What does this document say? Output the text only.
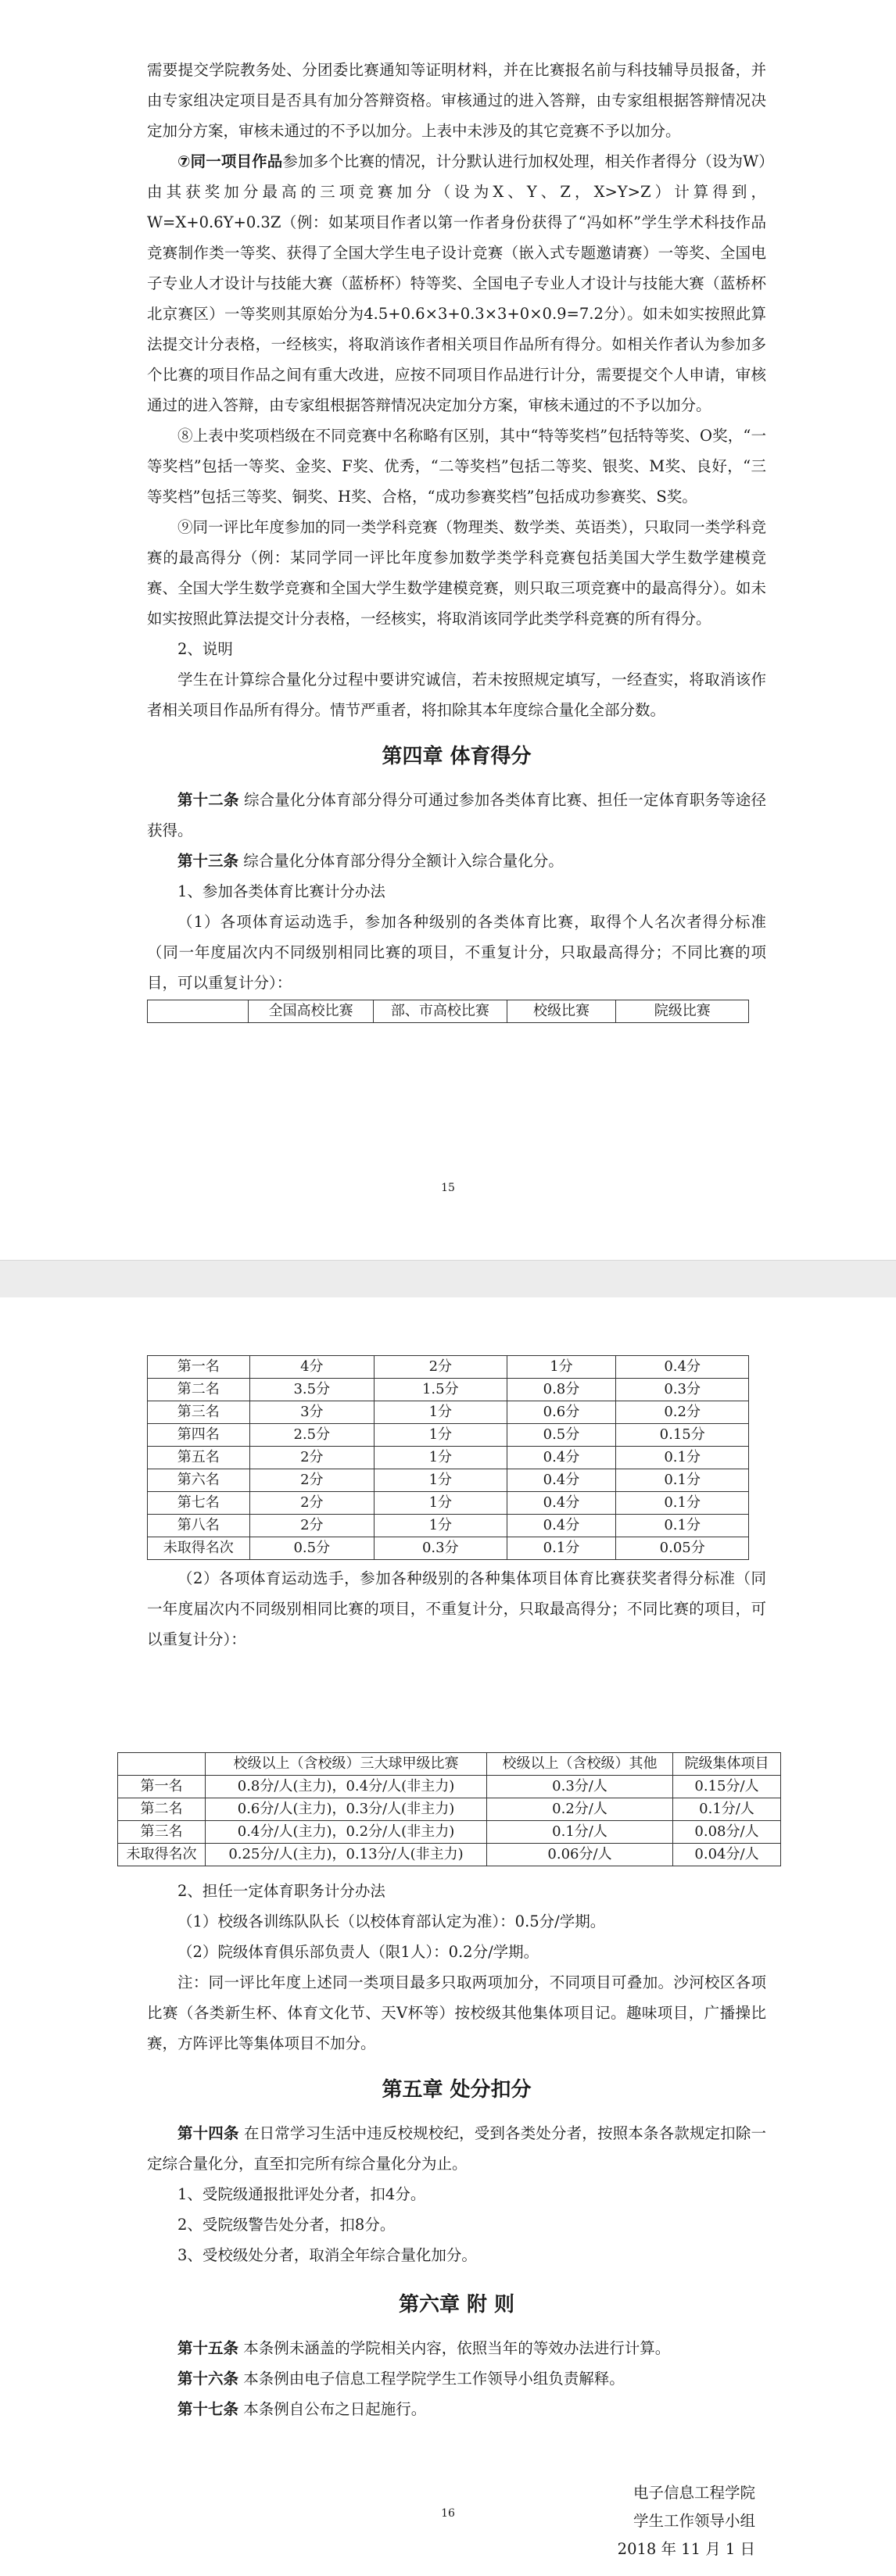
需要提交学院教务处、分团委比赛通知等证明材料，并在比赛报名前与科技辅导员报备，并由专家组决定项目是否具有加分答辩资格。审核通过的进入答辩，由专家组根据答辩情况决定加分方案，审核未通过的不予以加分。上表中未涉及的其它竞赛不予以加分。

⑦同一项目作品参加多个比赛的情况，计分默认进行加权处理，相关作者得分（设为W）由其获奖加分最高的三项竞赛加分（设为X、Y、Z，X>Y>Z）计算得到，W=X+0.6Y+0.3Z（例：如某项目作者以第一作者身份获得了“冯如杯”学生学术科技作品竞赛制作类一等奖、获得了全国大学生电子设计竞赛（嵌入式专题邀请赛）一等奖、全国电子专业人才设计与技能大赛（蓝桥杯）特等奖、全国电子专业人才设计与技能大赛（蓝桥杯北京赛区）一等奖则其原始分为4.5+0.6×3+0.3×3+0×0.9=7.2分）。如未如实按照此算法提交计分表格，一经核实，将取消该作者相关项目作品所有得分。如相关作者认为参加多个比赛的项目作品之间有重大改进，应按不同项目作品进行计分，需要提交个人申请，审核通过的进入答辩，由专家组根据答辩情况决定加分方案，审核未通过的不予以加分。

⑧上表中奖项档级在不同竞赛中名称略有区别，其中“特等奖档”包括特等奖、O奖，“一等奖档”包括一等奖、金奖、F奖、优秀，“二等奖档”包括二等奖、银奖、M奖、良好，“三等奖档”包括三等奖、铜奖、H奖、合格，“成功参赛奖档”包括成功参赛奖、S奖。

⑨同一评比年度参加的同一类学科竞赛（物理类、数学类、英语类），只取同一类学科竞赛的最高得分（例：某同学同一评比年度参加数学类学科竞赛包括美国大学生数学建模竞赛、全国大学生数学竞赛和全国大学生数学建模竞赛，则只取三项竞赛中的最高得分）。如未如实按照此算法提交计分表格，一经核实，将取消该同学此类学科竞赛的所有得分。

2、说明

学生在计算综合量化分过程中要讲究诚信，若未按照规定填写，一经查实，将取消该作者相关项目作品所有得分。情节严重者，将扣除其本年度综合量化全部分数。

第四章 体育得分

第十二条 综合量化分体育部分得分可通过参加各类体育比赛、担任一定体育职务等途径获得。

第十三条 综合量化分体育部分得分全额计入综合量化分。

1、参加各类体育比赛计分办法

（1）各项体育运动选手，参加各种级别的各类体育比赛，取得个人名次者得分标准（同一年度届次内不同级别相同比赛的项目，不重复计分，只取最高得分；不同比赛的项目，可以重复计分）：

	全国高校比赛	部、市高校比赛	校级比赛	院级比赛
15
第一名	4分	2分	1分	0.4分
第二名	3.5分	1.5分	0.8分	0.3分
第三名	3分	1分	0.6分	0.2分
第四名	2.5分	1分	0.5分	0.15分
第五名	2分	1分	0.4分	0.1分
第六名	2分	1分	0.4分	0.1分
第七名	2分	1分	0.4分	0.1分
第八名	2分	1分	0.4分	0.1分
未取得名次	0.5分	0.3分	0.1分	0.05分

（2）各项体育运动选手，参加各种级别的各种集体项目体育比赛获奖者得分标准（同一年度届次内不同级别相同比赛的项目，不重复计分，只取最高得分；不同比赛的项目，可以重复计分）：

	校级以上（含校级）三大球甲级比赛	校级以上（含校级）其他	院级集体项目
第一名	0.8分/人(主力)，0.4分/人(非主力)	0.3分/人	0.15分/人
第二名	0.6分/人(主力)，0.3分/人(非主力)	0.2分/人	0.1分/人
第三名	0.4分/人(主力)，0.2分/人(非主力)	0.1分/人	0.08分/人
未取得名次	0.25分/人(主力)，0.13分/人(非主力)	0.06分/人	0.04分/人

2、担任一定体育职务计分办法

（1）校级各训练队队长（以校体育部认定为准）：0.5分/学期。

（2）院级体育俱乐部负责人（限1人）：0.2分/学期。

注：同一评比年度上述同一类项目最多只取两项加分，不同项目可叠加。沙河校区各项比赛（各类新生杯、体育文化节、天V杯等）按校级其他集体项目记。趣味项目，广播操比赛，方阵评比等集体项目不加分。

第五章 处分扣分

第十四条 在日常学习生活中违反校规校纪，受到各类处分者，按照本条各款规定扣除一定综合量化分，直至扣完所有综合量化分为止。

1、受院级通报批评处分者，扣4分。

2、受院级警告处分者，扣8分。

3、受校级处分者，取消全年综合量化加分。

第六章 附 则

第十五条 本条例未涵盖的学院相关内容，依照当年的等效办法进行计算。

第十六条 本条例由电子信息工程学院学生工作领导小组负责解释。

第十七条 本条例自公布之日起施行。

电子信息工程学院

学生工作领导小组

2018 年 11 月 1 日

16
